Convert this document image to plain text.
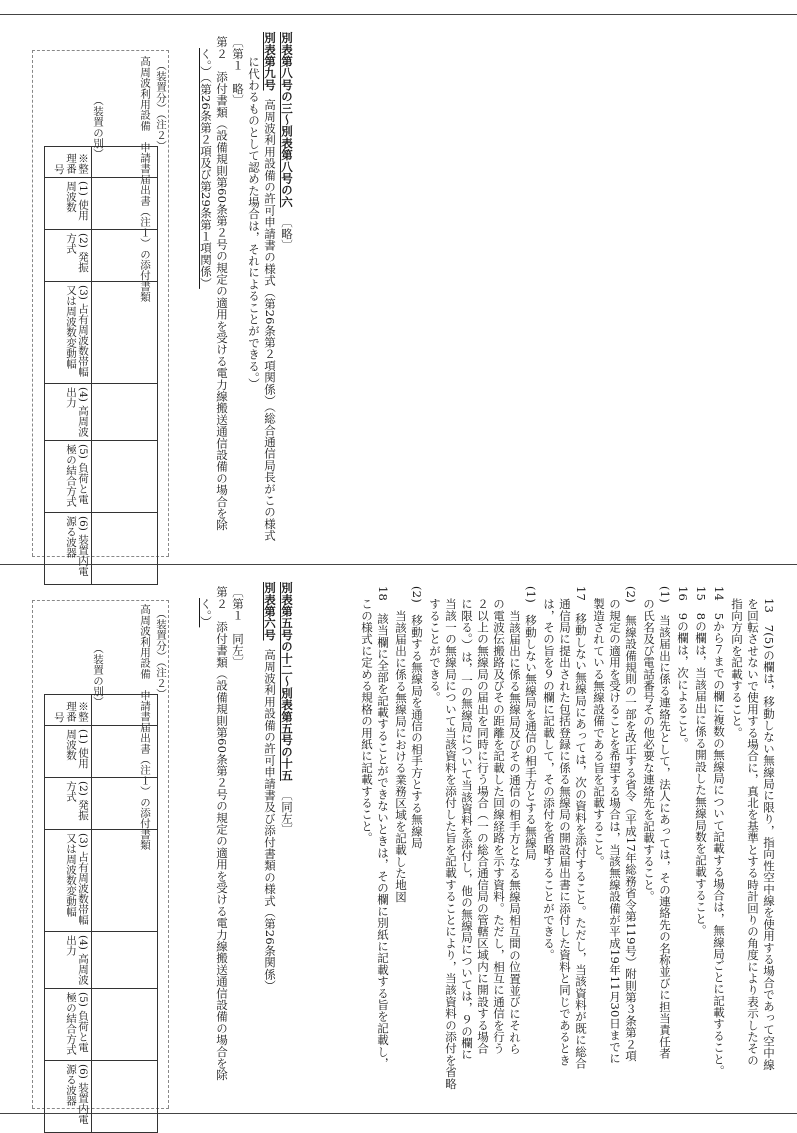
別表第八号の三～別表第八号の六〔略〕
別表第九号高周波利用設備の許可申請書の様式（第26条第２項関係）（総合通信局長がこの様式
に代わるものとして認めた場合は，それによることができる。）
〔第１　略〕
第２　添付書類（設備規則第60条第２号の規定の適用を受ける電力線搬送通信設備の場合を除
く。）（第26条第２項及び第29条第１項関係）
高周波利用設備　申請書届出書（注１）の添付書類 （装置分）（注２）
※整理番号	
(1) 使用周波数	
(2) 発振方式	
(3) 占有周波数帯幅又は周波数変動幅	
(4) 高周波出力	
(5) 負荷と電極の結合方式	
(6) 装置内電源る波器	
（装置の別）
13　7(5)の欄は，移動しない無線局に限り，指向性空中線を使用する場合であって空中線
を回転させないで使用する場合に，真北を基準とする時計回りの角度により表示したその
指向方向を記載すること。
14　5から７までの欄に複数の無線局について記載する場合は，無線局ごとに記載すること。
15　8の欄は，当該届出に係る開設した無線局数を記載すること。
16　9の欄は，次によること。
(1)　当該届出に係る連絡先として，法人にあっては，その連絡先の名称並びに担当責任者
の氏名及び電話番号その他必要な連絡先を記載すること。
(2)　無線設備規則の一部を改正する省令（平成17年総務省令第119号）附則第３条第２項
の規定の適用を受けることを希望する場合は，当該無線設備が平成19年11月30日までに
製造されている無線設備である旨を記載すること。
17　移動しない無線局にあっては，次の資料を添付すること。ただし，当該資料が既に総合
通信局に提出された包括登録に係る無線局の開設届出書に添付した資料と同じであるとき
は，その旨を９の欄に記載して，その添付を省略することができる。
(1)　移動しない無線局を通信の相手方とする無線局
当該届出に係る無線局及びその通信の相手方となる無線局相互間の位置並びにそれら
の電波伝搬路及びその距離を記載した回線経路を示す資料。ただし，相互に通信を行う
２以上の無線局の届出を同時に行う場合（一の総合通信局の管轄区域内に開設する場合
に限る。）は，一の無線局について当該資料を添付し，他の無線局については，９の欄に
当該一の無線局について当該資料を添付した旨を記載することにより，当該資料の添付を省略
することができる。
(2)　移動する無線局を通信の相手方とする無線局
当該届出に係る無線局における業務区域を記載した地図
18　該当欄に全部を記載することができないときは，その欄に別紙に記載する旨を記載し，
この様式に定める規格の用紙に記載すること。
別表第五号の十二～別表第五号の十五〔同左〕
別表第六号高周波利用設備の許可申請書及び添付書類の様式（第26条関係）
〔第１　同左〕
第２　添付書類（設備規則第60条第２号の規定の適用を受ける電力線搬送通信設備の場合を除
く。）
高周波利用設備　申請書届出書（注１）の添付書類 （装置分）（注２）
※整理番号	
(1) 使用周波数	
(2) 発振方式	
(3) 占有周波数帯幅又は周波数変動幅	
(4) 高周波出力	
(5) 負荷と電極の結合方式	
(6) 装置内電源る波器	
（装置の別）
